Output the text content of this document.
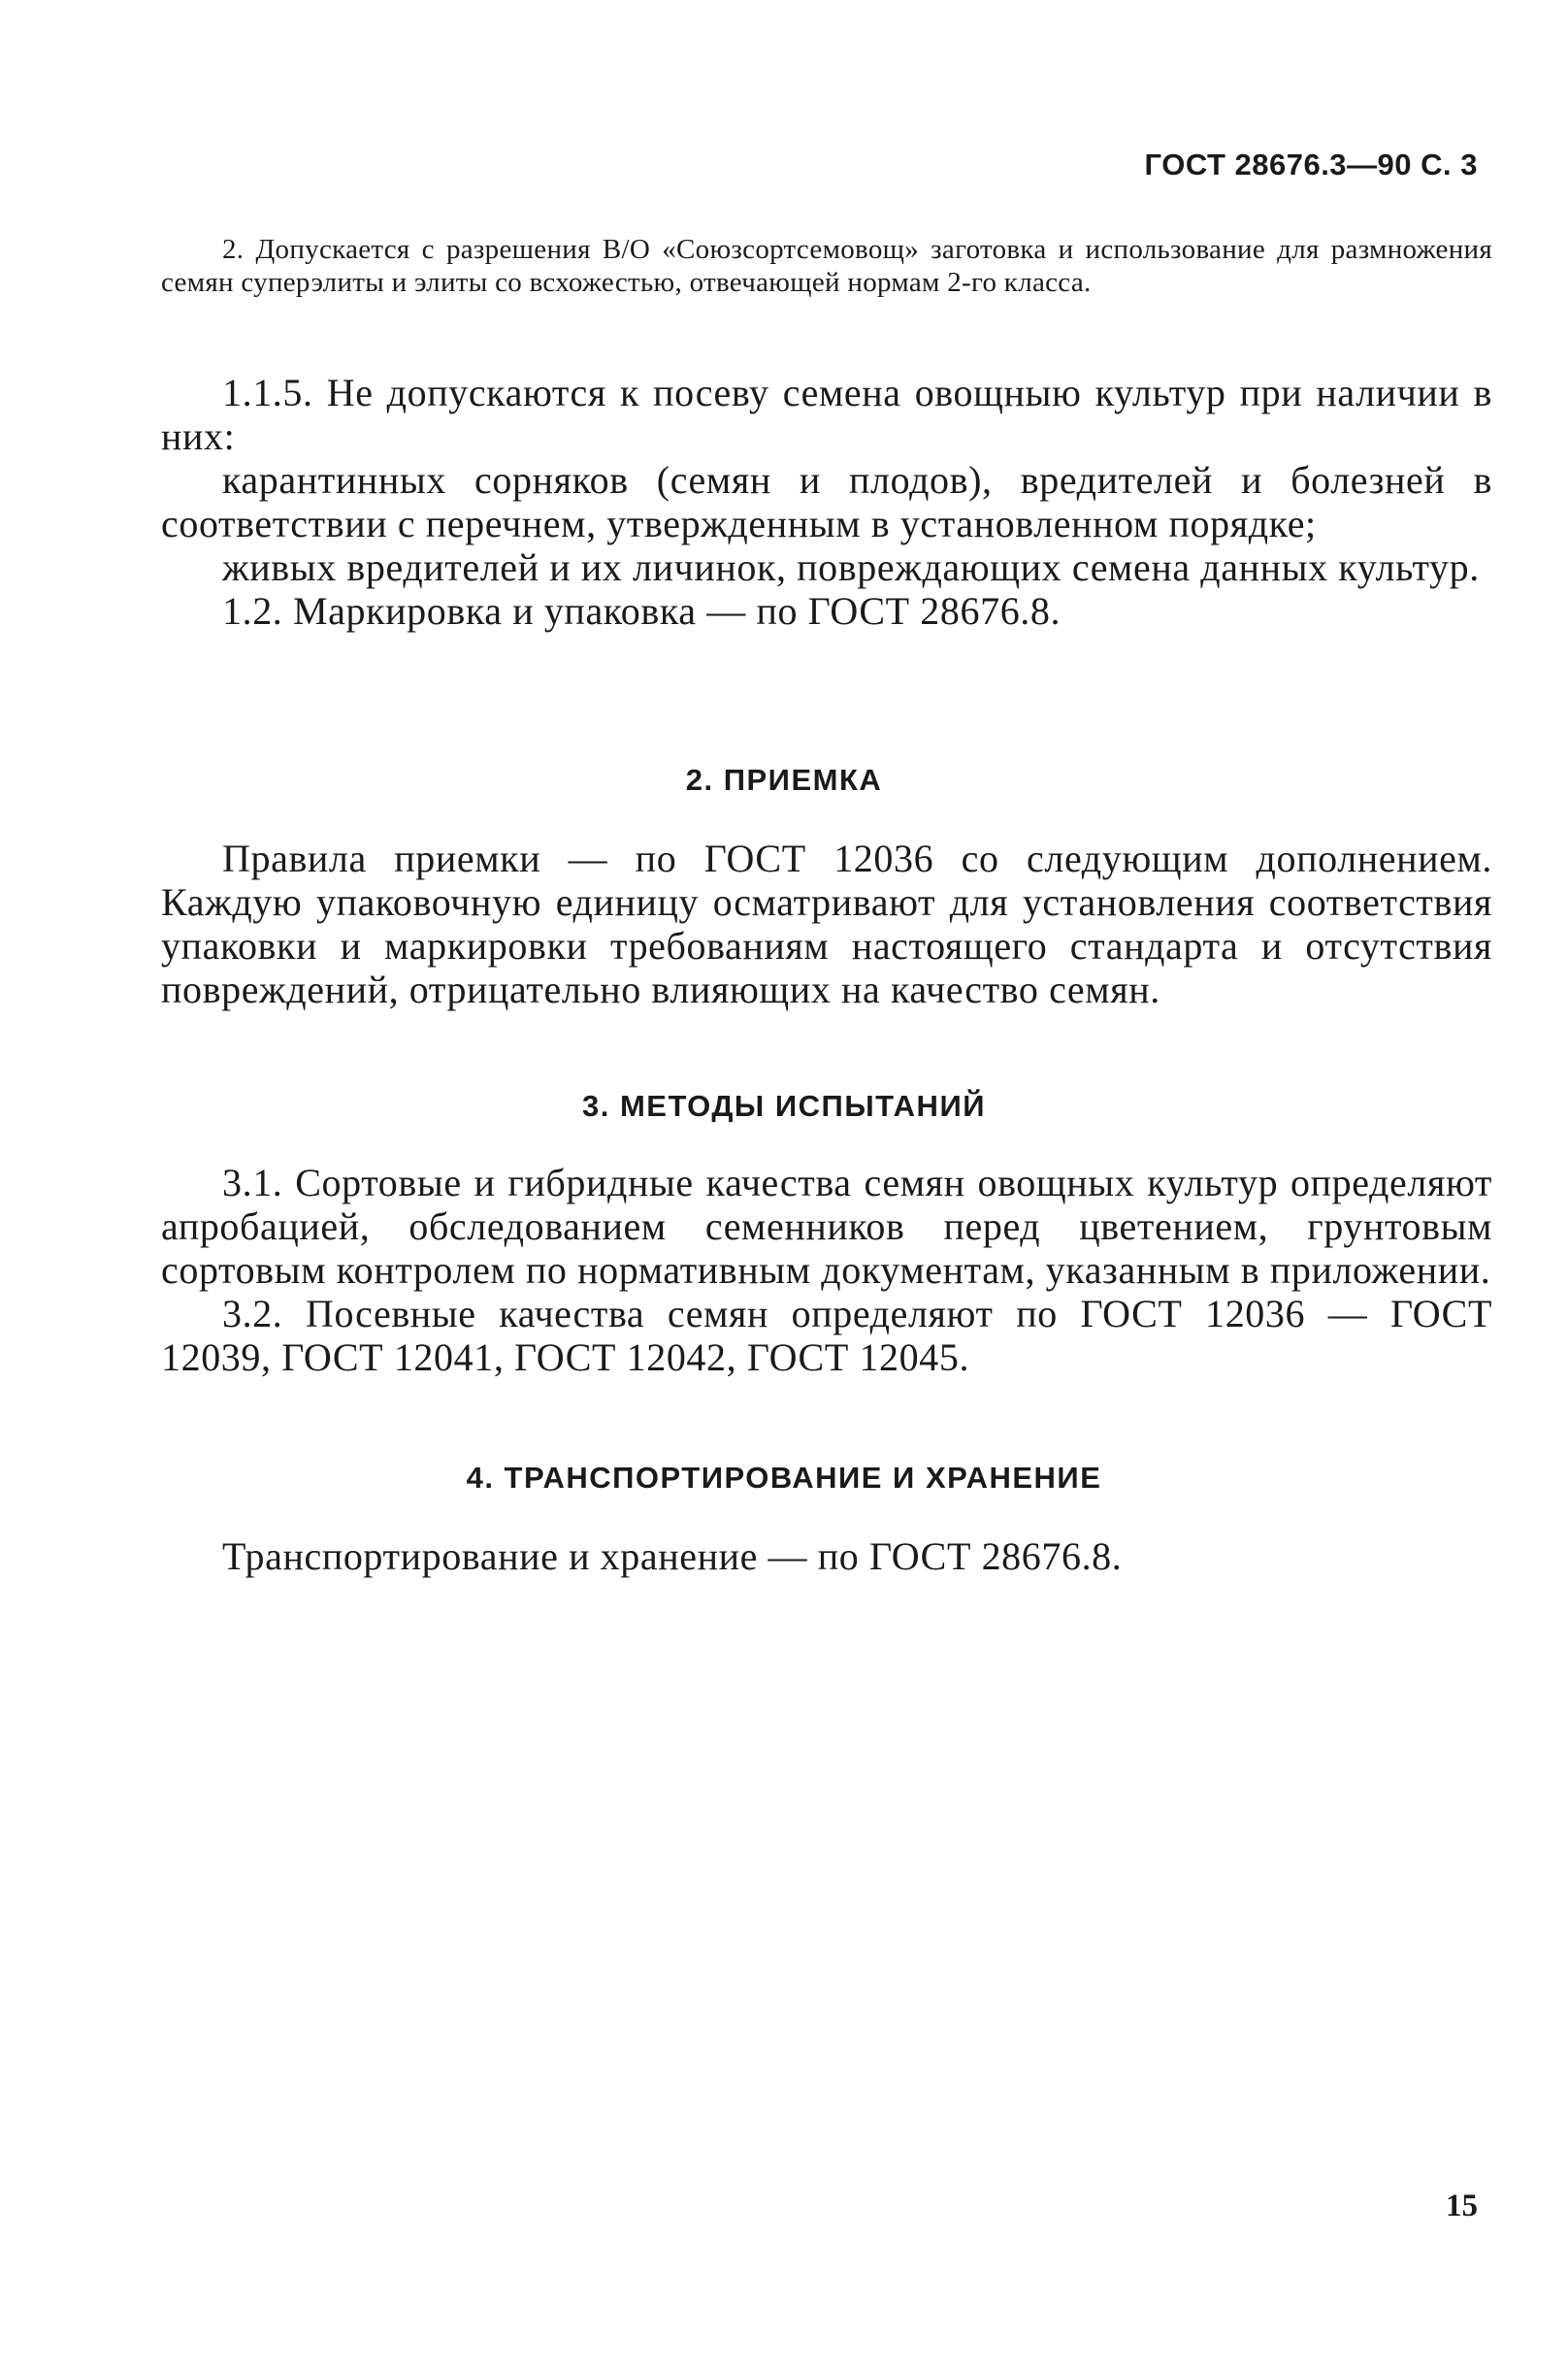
ГОСТ 28676.3—90 С. 3
2. Допускается с разрешения В/О «Союзсортсемовощ» заготовка и использование для размножения семян суперэлиты и элиты со всхожестью, отвечающей нормам 2-го класса.

1.1.5. Не допускаются к посеву семена овощныю культур при наличии в них:

карантинных сорняков (семян и плодов), вредителей и болезней в соответствии с перечнем, утвержденным в установленном порядке;

живых вредителей и их личинок, повреждающих семена данных культур.

1.2. Маркировка и упаковка — по ГОСТ 28676.8.

2. ПРИЕМКА

Правила приемки — по ГОСТ 12036 со следующим дополнением. Каждую упаковочную единицу осматривают для установления соответствия упаковки и маркировки требованиям настоящего стандарта и отсутствия повреждений, отрицательно влияющих на качество семян.

3. МЕТОДЫ ИСПЫТАНИЙ

3.1. Сортовые и гибридные качества семян овощных культур определяют апробацией, обследованием семенников перед цветением, грунтовым сортовым контролем по нормативным документам, указанным в приложении.

3.2. Посевные качества семян определяют по ГОСТ 12036 — ГОСТ 12039, ГОСТ 12041, ГОСТ 12042, ГОСТ 12045.

4. ТРАНСПОРТИРОВАНИЕ И ХРАНЕНИЕ

Транспортирование и хранение — по ГОСТ 28676.8.

15
